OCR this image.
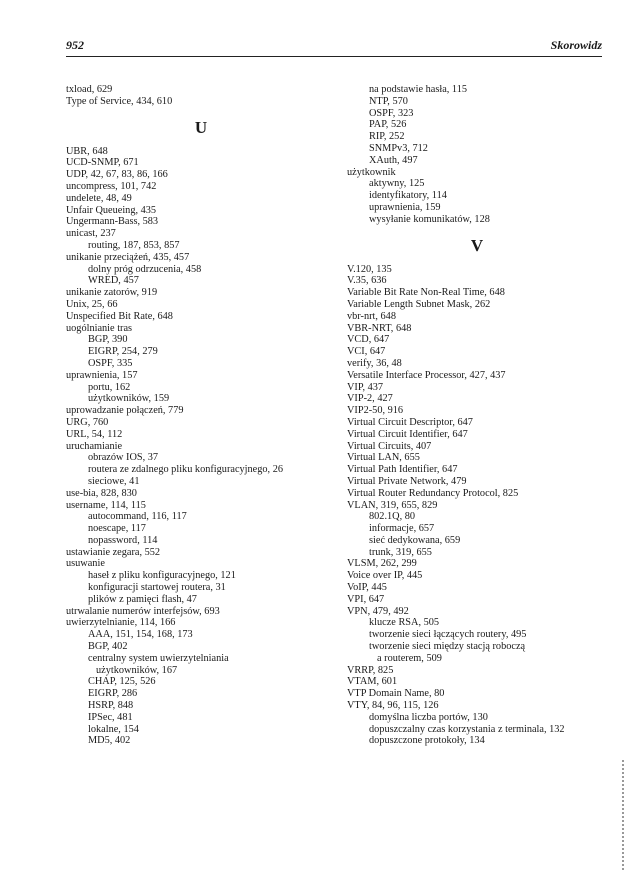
952	Skorowidz
txload, 629
Type of Service, 434, 610
U
UBR, 648
UCD-SNMP, 671
UDP, 42, 67, 83, 86, 166
uncompress, 101, 742
undelete, 48, 49
Unfair Queueing, 435
Ungermann-Bass, 583
unicast, 237
routing, 187, 853, 857
unikanie przeciążeń, 435, 457
dolny próg odrzucenia, 458
WRED, 457
unikanie zatorów, 919
Unix, 25, 66
Unspecified Bit Rate, 648
uogólnianie tras
BGP, 390
EIGRP, 254, 279
OSPF, 335
uprawnienia, 157
portu, 162
użytkowników, 159
uprowadzanie połączeń, 779
URG, 760
URL, 54, 112
uruchamianie
obrazów IOS, 37
routera ze zdalnego pliku konfiguracyjnego, 26
sieciowe, 41
use-bia, 828, 830
username, 114, 115
autocommand, 116, 117
noescape, 117
nopassword, 114
ustawianie zegara, 552
usuwanie
haseł z pliku konfiguracyjnego, 121
konfiguracji startowej routera, 31
plików z pamięci flash, 47
utrwalanie numerów interfejsów, 693
uwierzytelnianie, 114, 166
AAA, 151, 154, 168, 173
BGP, 402
centralny system uwierzytelniania
użytkowników, 167
CHAP, 125, 526
EIGRP, 286
HSRP, 848
IPSec, 481
lokalne, 154
MD5, 402
na podstawie hasła, 115
NTP, 570
OSPF, 323
PAP, 526
RIP, 252
SNMPv3, 712
XAuth, 497
użytkownik
aktywny, 125
identyfikatory, 114
uprawnienia, 159
wysyłanie komunikatów, 128
V
V.120, 135
V.35, 636
Variable Bit Rate Non-Real Time, 648
Variable Length Subnet Mask, 262
vbr-nrt, 648
VBR-NRT, 648
VCD, 647
VCI, 647
verify, 36, 48
Versatile Interface Processor, 427, 437
VIP, 437
VIP-2, 427
VIP2-50, 916
Virtual Circuit Descriptor, 647
Virtual Circuit Identifier, 647
Virtual Circuits, 407
Virtual LAN, 655
Virtual Path Identifier, 647
Virtual Private Network, 479
Virtual Router Redundancy Protocol, 825
VLAN, 319, 655, 829
802.1Q, 80
informacje, 657
sieć dedykowana, 659
trunk, 319, 655
VLSM, 262, 299
Voice over IP, 445
VoIP, 445
VPI, 647
VPN, 479, 492
klucze RSA, 505
tworzenie sieci łączących routery, 495
tworzenie sieci między stacją roboczą
a routerem, 509
VRRP, 825
VTAM, 601
VTP Domain Name, 80
VTY, 84, 96, 115, 126
domyślna liczba portów, 130
dopuszczalny czas korzystania z terminala, 132
dopuszczone protokoły, 134
